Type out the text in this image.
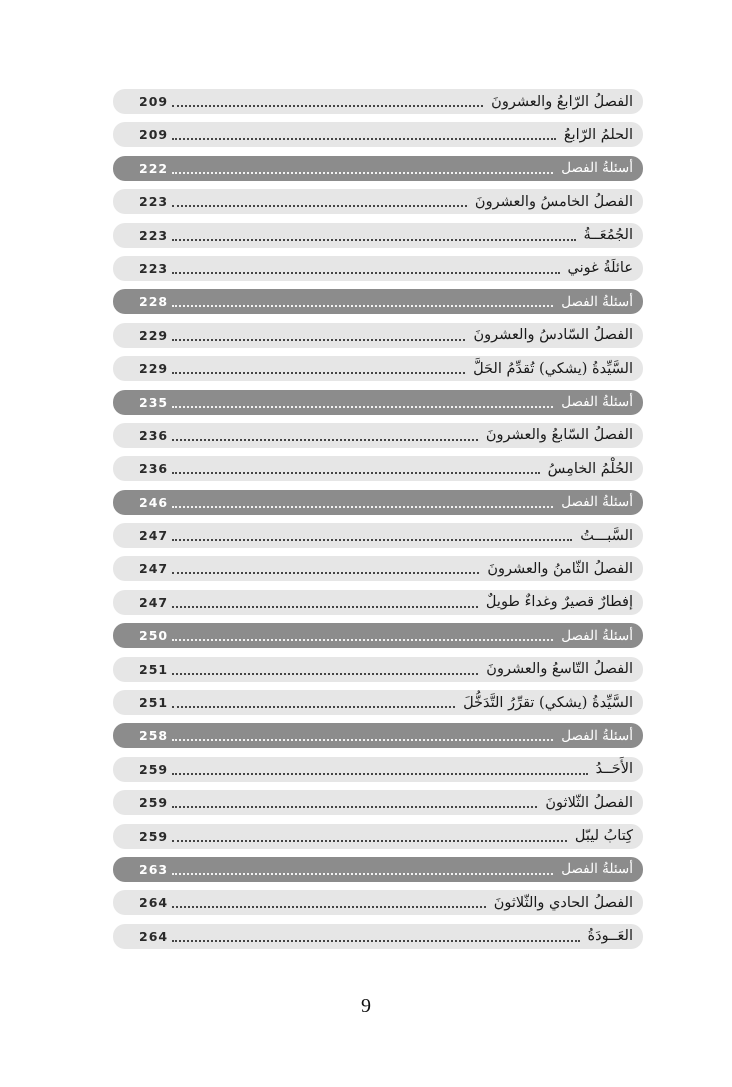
الفصلُ الرّابعُ والعشرونَ
209
الحلمُ الرّابعُ
209
أسئلةُ الفصل
222
الفصلُ الخامسُ والعشرونَ
223
الجُمُعَــةُ
223
عائلَةُ غوني
223
أسئلةُ الفصل
228
الفصلُ السّادسُ والعشرونَ
229
السَّيِّدةُ (يشكي) تُقدِّمُ الحَلَّ
229
أسئلةُ الفصل
235
الفصلُ السّابعُ والعشرونَ
236
الحُلْمُ الخامِسُ
236
أسئلةُ الفصل
246
السَّبـــتُ
247
الفصلُ الثّامنُ والعشرونَ
247
إفطارٌ قصيرٌ وغداءٌ طويلٌ
247
أسئلةُ الفصل
250
الفصلُ التّاسعُ والعشرونَ
251
السَّيِّدةُ (يشكي) تقرِّرُ التَّدَخُّلَ
251
أسئلةُ الفصل
258
الأَحَــدُ
259
الفصلُ الثّلاثونَ
259
كِتابُ ليبّل
259
أسئلةُ الفصل
263
الفصلُ الحادي والثّلاثونَ
264
العَــودَةُ
264
9
